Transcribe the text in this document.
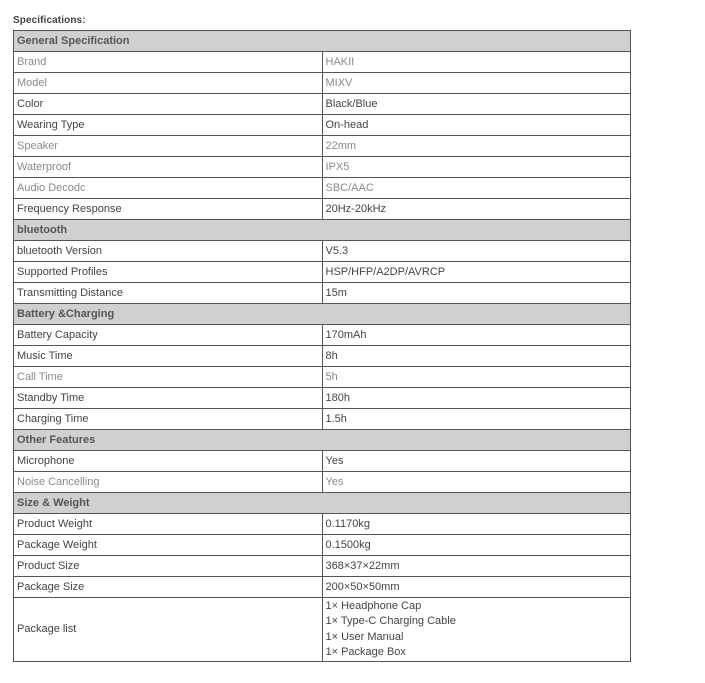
Specifications:
General Specification	
Brand	HAKII
Model	MIXV
Color	Black/Blue
Wearing Type	On-head
Speaker	22mm
Waterproof	IPX5
Audio Decodc	SBC/AAC
Frequency Response	20Hz-20kHz
bluetooth	
bluetooth Version	V5.3
Supported Profiles	HSP/HFP/A2DP/AVRCP
Transmitting Distance	15m
Battery &Charging	
Battery Capacity	170mAh
Music Time	8h
Call Time	5h
Standby Time	180h
Charging Time	1.5h
Other Features	
Microphone	Yes
Noise Cancelling	Yes
Size & Weight	
Product Weight	0.1170kg
Package Weight	0.1500kg
Product Size	368×37×22mm
Package Size	200×50×50mm
Package list	1× Headphone Cap
1× Type-C Charging Cable
1× User Manual
1× Package Box
